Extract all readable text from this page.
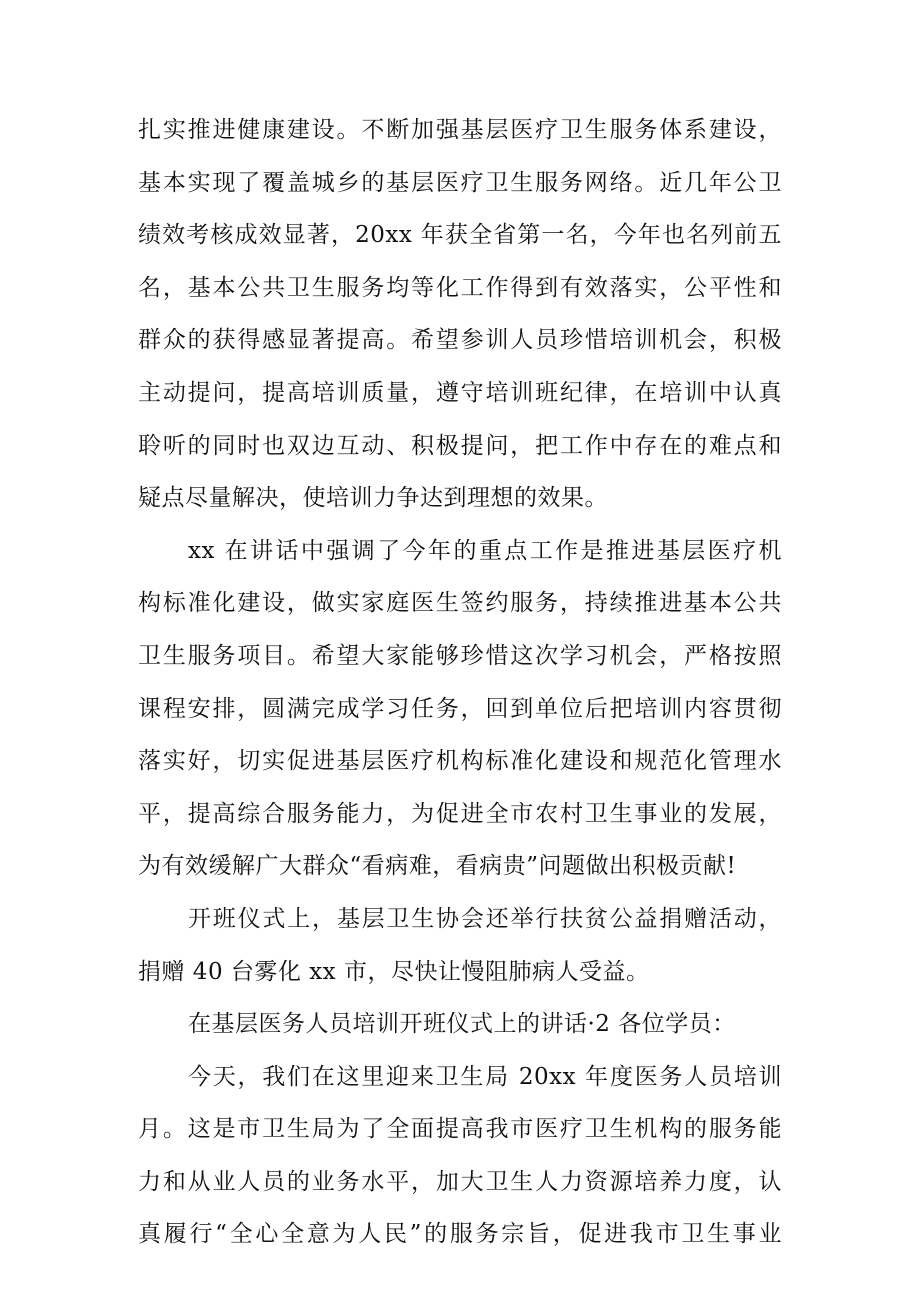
扎实推进健康建设。不断加强基层医疗卫生服务体系建设，
基本实现了覆盖城乡的基层医疗卫生服务网络。近几年公卫
绩效考核成效显著，20xx 年获全省第一名，今年也名列前五
名，基本公共卫生服务均等化工作得到有效落实，公平性和
群众的获得感显著提高。希望参训人员珍惜培训机会，积极
主动提问，提高培训质量，遵守培训班纪律，在培训中认真
聆听的同时也双边互动、积极提问，把工作中存在的难点和
疑点尽量解决，使培训力争达到理想的效果。
xx 在讲话中强调了今年的重点工作是推进基层医疗机
构标准化建设，做实家庭医生签约服务，持续推进基本公共
卫生服务项目。希望大家能够珍惜这次学习机会，严格按照
课程安排，圆满完成学习任务，回到单位后把培训内容贯彻
落实好，切实促进基层医疗机构标准化建设和规范化管理水
平，提高综合服务能力，为促进全市农村卫生事业的发展，
为有效缓解广大群众“看病难，看病贵”问题做出积极贡献!
开班仪式上，基层卫生协会还举行扶贫公益捐赠活动，
捐赠 40 台雾化 xx 市，尽快让慢阻肺病人受益。
在基层医务人员培训开班仪式上的讲话·2 各位学员：
今天，我们在这里迎来卫生局 20xx 年度医务人员培训
月。这是市卫生局为了全面提高我市医疗卫生机构的服务能
力和从业人员的业务水平，加大卫生人力资源培养力度，认
真履行“全心全意为人民”的服务宗旨，促进我市卫生事业
